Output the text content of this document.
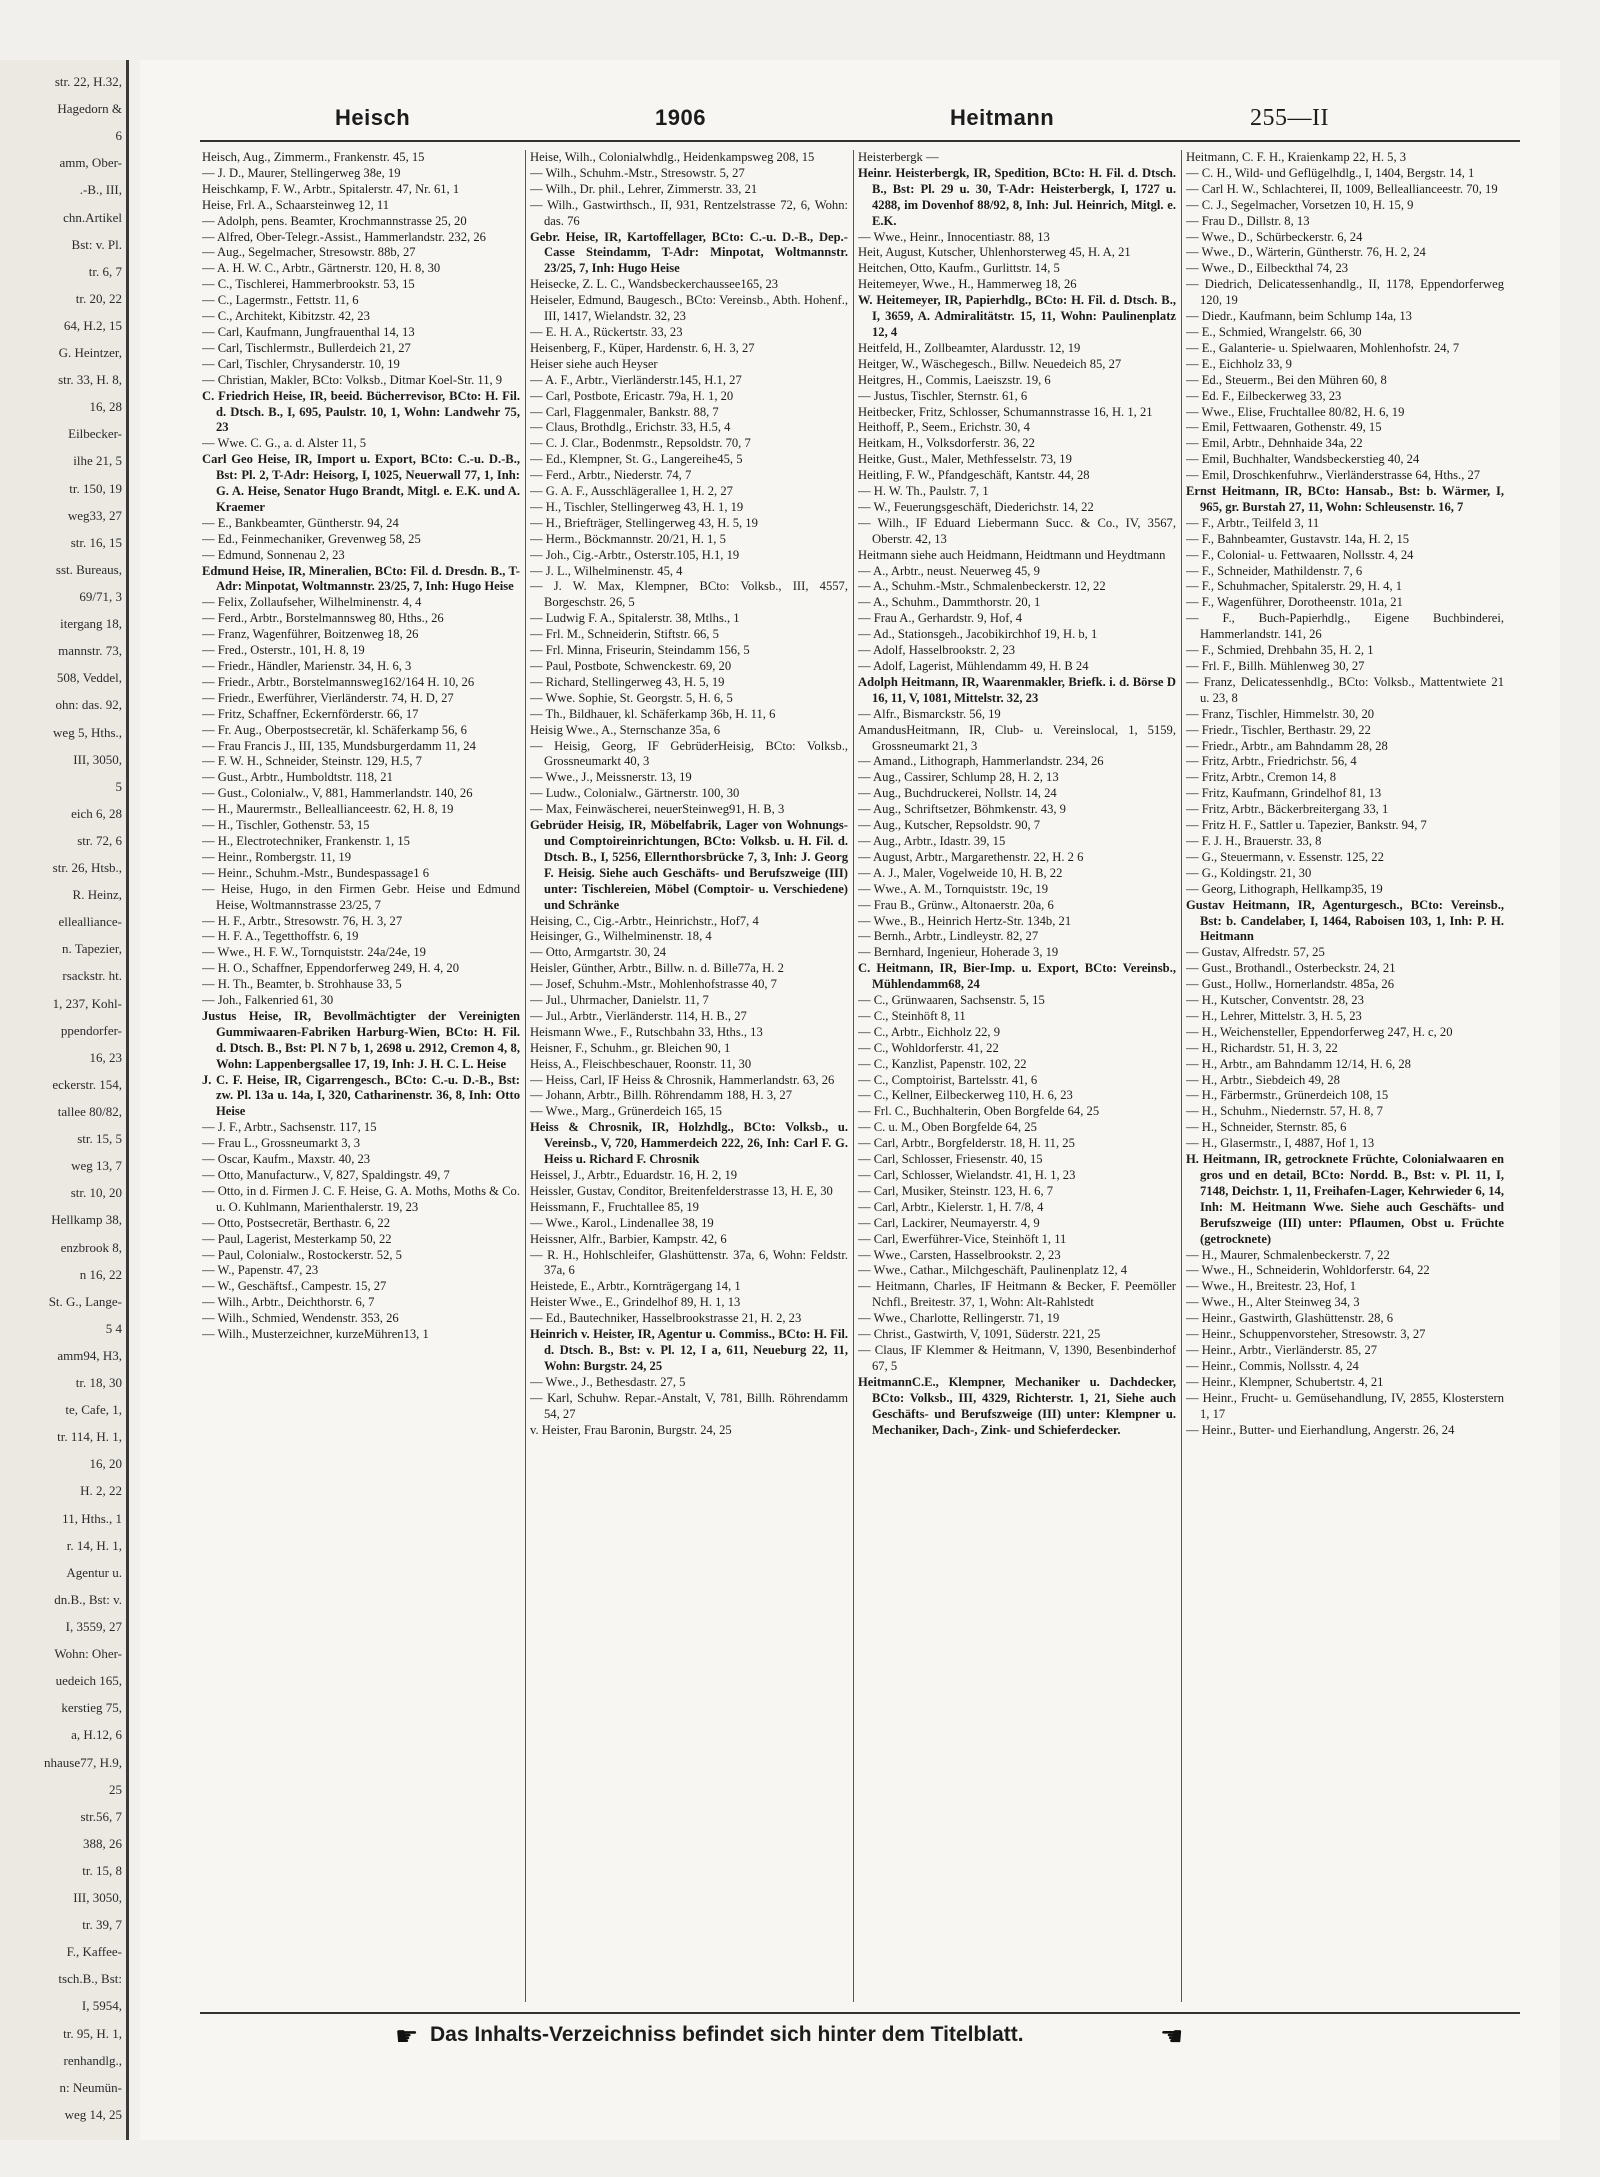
str. 22, H.32,
Hagedorn &
6
amm, Ober-
.-B., III,
chn.Artikel
Bst: v. Pl.
tr. 6, 7
tr. 20, 22
64, H.2, 15
G. Heintzer,
str. 33, H. 8,
16, 28
Eilbecker-
ilhe 21, 5
tr. 150, 19
weg33, 27
str. 16, 15
sst. Bureaus,
69/71, 3
itergang 18,
mannstr. 73,
508, Veddel,
ohn: das. 92,
weg 5, Hths.,
III, 3050,
5
eich 6, 28
str. 72, 6
str. 26, Htsb.,
R. Heinz,
ellealliance-
n. Tapezier,
rsackstr. ht.
1, 237, Kohl-
ppendorfer-
16, 23
eckerstr. 154,
tallee 80/82,
str. 15, 5
weg 13, 7
str. 10, 20
Hellkamp 38,
enzbrook 8,
n 16, 22
St. G., Lange-
5 4
amm94, H3,
tr. 18, 30
te, Cafe, 1,
tr. 114, H. 1,
16, 20
H. 2, 22
11, Hths., 1
r. 14, H. 1,
Agentur u.
dn.B., Bst: v.
I, 3559, 27
Wohn: Oher-
uedeich 165,
kerstieg 75,
a, H.12, 6
nhause77, H.9,
25
str.56, 7
388, 26
tr. 15, 8
III, 3050,
tr. 39, 7
F., Kaffee-
tsch.B., Bst:
I, 5954,
tr. 95, H. 1,
renhandlg.,
n: Neumün-
weg 14, 25
Heisch	1906	Heitmann	255—II

Heisch, Aug., Zimmerm., Frankenstr. 45, 15

— J. D., Maurer, Stellingerweg 38e, 19

Heischkamp, F. W., Arbtr., Spitalerstr. 47, Nr. 61, 1

Heise, Frl. A., Schaarsteinweg 12, 11

— Adolph, pens. Beamter, Krochmannstrasse 25, 20

— Alfred, Ober-Telegr.-Assist., Hammerlandstr. 232, 26

— Aug., Segelmacher, Stresowstr. 88b, 27

— A. H. W. C., Arbtr., Gärtnerstr. 120, H. 8, 30

— C., Tischlerei, Hammerbrookstr. 53, 15

— C., Lagermstr., Fettstr. 11, 6

— C., Architekt, Kibitzstr. 42, 23

— Carl, Kaufmann, Jungfrauenthal 14, 13

— Carl, Tischlermstr., Bullerdeich 21, 27

— Carl, Tischler, Chrysanderstr. 10, 19

— Christian, Makler, BCto: Volksb., Ditmar Koel-Str. 11, 9

C. Friedrich Heise, IR, beeid. Bücherrevisor, BCto: H. Fil. d. Dtsch. B., I, 695, Paulstr. 10, 1, Wohn: Landwehr 75, 23

— Wwe. C. G., a. d. Alster 11, 5

Carl Geo Heise, IR, Import u. Export, BCto: C.-u. D.-B., Bst: Pl. 2, T-Adr: Heisorg, I, 1025, Neuerwall 77, 1, Inh: G. A. Heise, Senator Hugo Brandt, Mitgl. e. E.K. und A. Kraemer

— E., Bankbeamter, Güntherstr. 94, 24

— Ed., Feinmechaniker, Grevenweg 58, 25

— Edmund, Sonnenau 2, 23

Edmund Heise, IR, Mineralien, BCto: Fil. d. Dresdn. B., T-Adr: Minpotat, Woltmannstr. 23/25, 7, Inh: Hugo Heise

— Felix, Zollaufseher, Wilhelminenstr. 4, 4

— Ferd., Arbtr., Borstelmannsweg 80, Hths., 26

— Franz, Wagenführer, Boitzenweg 18, 26

— Fred., Osterstr., 101, H. 8, 19

— Friedr., Händler, Marienstr. 34, H. 6, 3

— Friedr., Arbtr., Borstelmannsweg162/164 H. 10, 26

— Friedr., Ewerführer, Vierländerstr. 74, H. D, 27

— Fritz, Schaffner, Eckernförderstr. 66, 17

— Fr. Aug., Oberpostsecretär, kl. Schäferkamp 56, 6

— Frau Francis J., III, 135, Mundsburgerdamm 11, 24

— F. W. H., Schneider, Steinstr. 129, H.5, 7

— Gust., Arbtr., Humboldtstr. 118, 21

— Gust., Colonialw., V, 881, Hammerlandstr. 140, 26

— H., Maurermstr., Belleallianceestr. 62, H. 8, 19

— H., Tischler, Gothenstr. 53, 15

— H., Electrotechniker, Frankenstr. 1, 15

— Heinr., Rombergstr. 11, 19

— Heinr., Schuhm.-Mstr., Bundespassage1 6

— Heise, Hugo, in den Firmen Gebr. Heise und Edmund Heise, Woltmannstrasse 23/25, 7

— H. F., Arbtr., Stresowstr. 76, H. 3, 27

— H. F. A., Tegetthoffstr. 6, 19

— Wwe., H. F. W., Tornquiststr. 24a/24e, 19

— H. O., Schaffner, Eppendorferweg 249, H. 4, 20

— H. Th., Beamter, b. Strohhause 33, 5

— Joh., Falkenried 61, 30

Justus Heise, IR, Bevollmächtigter der Vereinigten Gummiwaaren-Fabriken Harburg-Wien, BCto: H. Fil. d. Dtsch. B., Bst: Pl. N 7 b, 1, 2698 u. 2912, Cremon 4, 8, Wohn: Lappenbergsallee 17, 19, Inh: J. H. C. L. Heise

J. C. F. Heise, IR, Cigarrengesch., BCto: C.-u. D.-B., Bst: zw. Pl. 13a u. 14a, I, 320, Catharinenstr. 36, 8, Inh: Otto Heise

— J. F., Arbtr., Sachsenstr. 117, 15

— Frau L., Grossneumarkt 3, 3

— Oscar, Kaufm., Maxstr. 40, 23

— Otto, Manufacturw., V, 827, Spaldingstr. 49, 7

— Otto, in d. Firmen J. C. F. Heise, G. A. Moths, Moths & Co. u. O. Kuhlmann, Marienthalerstr. 19, 23

— Otto, Postsecretär, Berthastr. 6, 22

— Paul, Lagerist, Mesterkamp 50, 22

— Paul, Colonialw., Rostockerstr. 52, 5

— W., Papenstr. 47, 23

— W., Geschäftsf., Campestr. 15, 27

— Wilh., Arbtr., Deichthorstr. 6, 7

— Wilh., Schmied, Wendenstr. 353, 26

— Wilh., Musterzeichner, kurzeMühren13, 1

Heise, Wilh., Colonialwhdlg., Heidenkampsweg 208, 15

— Wilh., Schuhm.-Mstr., Stresowstr. 5, 27

— Wilh., Dr. phil., Lehrer, Zimmerstr. 33, 21

— Wilh., Gastwirthsch., II, 931, Rentzelstrasse 72, 6, Wohn: das. 76

Gebr. Heise, IR, Kartoffellager, BCto: C.-u. D.-B., Dep.-Casse Steindamm, T-Adr: Minpotat, Woltmannstr. 23/25, 7, Inh: Hugo Heise

Heisecke, Z. L. C., Wandsbeckerchaussee165, 23

Heiseler, Edmund, Baugesch., BCto: Vereinsb., Abth. Hohenf., III, 1417, Wielandstr. 32, 23

— E. H. A., Rückertstr. 33, 23

Heisenberg, F., Küper, Hardenstr. 6, H. 3, 27

Heiser siehe auch Heyser

— A. F., Arbtr., Vierländerstr.145, H.1, 27

— Carl, Postbote, Ericastr. 79a, H. 1, 20

— Carl, Flaggenmaler, Bankstr. 88, 7

— Claus, Brothdlg., Erichstr. 33, H.5, 4

— C. J. Clar., Bodenmstr., Repsoldstr. 70, 7

— Ed., Klempner, St. G., Langereihe45, 5

— Ferd., Arbtr., Niederstr. 74, 7

— G. A. F., Ausschlägerallee 1, H. 2, 27

— H., Tischler, Stellingerweg 43, H. 1, 19

— H., Briefträger, Stellingerweg 43, H. 5, 19

— Herm., Böckmannstr. 20/21, H. 1, 5

— Joh., Cig.-Arbtr., Osterstr.105, H.1, 19

— J. L., Wilhelminenstr. 45, 4

— J. W. Max, Klempner, BCto: Volksb., III, 4557, Borgeschstr. 26, 5

— Ludwig F. A., Spitalerstr. 38, Mtlhs., 1

— Frl. M., Schneiderin, Stiftstr. 66, 5

— Frl. Minna, Friseurin, Steindamm 156, 5

— Paul, Postbote, Schwenckestr. 69, 20

— Richard, Stellingerweg 43, H. 5, 19

— Wwe. Sophie, St. Georgstr. 5, H. 6, 5

— Th., Bildhauer, kl. Schäferkamp 36b, H. 11, 6

Heisig Wwe., A., Sternschanze 35a, 6

— Heisig, Georg, IF GebrüderHeisig, BCto: Volksb., Grossneumarkt 40, 3

— Wwe., J., Meissnerstr. 13, 19

— Ludw., Colonialw., Gärtnerstr. 100, 30

— Max, Feinwäscherei, neuerSteinweg91, H. B, 3

Gebrüder Heisig, IR, Möbelfabrik, Lager von Wohnungs- und Comptoireinrichtungen, BCto: Volksb. u. H. Fil. d. Dtsch. B., I, 5256, Ellernthorsbrücke 7, 3, Inh: J. Georg F. Heisig. Siehe auch Geschäfts- und Berufszweige (III) unter: Tischlereien, Möbel (Comptoir- u. Verschiedene) und Schränke

Heising, C., Cig.-Arbtr., Heinrichstr., Hof7, 4

Heisinger, G., Wilhelminenstr. 18, 4

— Otto, Armgartstr. 30, 24

Heisler, Günther, Arbtr., Billw. n. d. Bille77a, H. 2

— Josef, Schuhm.-Mstr., Mohlenhofstrasse 40, 7

— Jul., Uhrmacher, Danielstr. 11, 7

— Jul., Arbtr., Vierländerstr. 114, H. B., 27

Heismann Wwe., F., Rutschbahn 33, Hths., 13

Heisner, F., Schuhm., gr. Bleichen 90, 1

Heiss, A., Fleischbeschauer, Roonstr. 11, 30

— Heiss, Carl, IF Heiss & Chrosnik, Hammerlandstr. 63, 26

— Johann, Arbtr., Billh. Röhrendamm 188, H. 3, 27

— Wwe., Marg., Grünerdeich 165, 15

Heiss & Chrosnik, IR, Holzhdlg., BCto: Volksb., u. Vereinsb., V, 720, Hammerdeich 222, 26, Inh: Carl F. G. Heiss u. Richard F. Chrosnik

Heissel, J., Arbtr., Eduardstr. 16, H. 2, 19

Heissler, Gustav, Conditor, Breitenfelderstrasse 13, H. E, 30

Heissmann, F., Fruchtallee 85, 19

— Wwe., Karol., Lindenallee 38, 19

Heissner, Alfr., Barbier, Kampstr. 42, 6

— R. H., Hohlschleifer, Glashüttenstr. 37a, 6, Wohn: Feldstr. 37a, 6

Heistede, E., Arbtr., Kornträgergang 14, 1

Heister Wwe., E., Grindelhof 89, H. 1, 13

— Ed., Bautechniker, Hasselbrookstrasse 21, H. 2, 23

Heinrich v. Heister, IR, Agentur u. Commiss., BCto: H. Fil. d. Dtsch. B., Bst: v. Pl. 12, I a, 611, Neueburg 22, 11, Wohn: Burgstr. 24, 25

— Wwe., J., Bethesdastr. 27, 5

— Karl, Schuhw. Repar.-Anstalt, V, 781, Billh. Röhrendamm 54, 27

v. Heister, Frau Baronin, Burgstr. 24, 25

Heisterbergk —

Heinr. Heisterbergk, IR, Spedition, BCto: H. Fil. d. Dtsch. B., Bst: Pl. 29 u. 30, T-Adr: Heisterbergk, I, 1727 u. 4288, im Dovenhof 88/92, 8, Inh: Jul. Heinrich, Mitgl. e. E.K.

— Wwe., Heinr., Innocentiastr. 88, 13

Heit, August, Kutscher, Uhlenhorsterweg 45, H. A, 21

Heitchen, Otto, Kaufm., Gurlittstr. 14, 5

Heitemeyer, Wwe., H., Hammerweg 18, 26

W. Heitemeyer, IR, Papierhdlg., BCto: H. Fil. d. Dtsch. B., I, 3659, A. Admiralitätstr. 15, 11, Wohn: Paulinenplatz 12, 4

Heitfeld, H., Zollbeamter, Alardusstr. 12, 19

Heitger, W., Wäschegesch., Billw. Neuedeich 85, 27

Heitgres, H., Commis, Laeiszstr. 19, 6

— Justus, Tischler, Sternstr. 61, 6

Heitbecker, Fritz, Schlosser, Schumannstrasse 16, H. 1, 21

Heithoff, P., Seem., Erichstr. 30, 4

Heitkam, H., Volksdorferstr. 36, 22

Heitke, Gust., Maler, Methfesselstr. 73, 19

Heitling, F. W., Pfandgeschäft, Kantstr. 44, 28

— H. W. Th., Paulstr. 7, 1

— W., Feuerungsgeschäft, Diederichstr. 14, 22

— Wilh., IF Eduard Liebermann Succ. & Co., IV, 3567, Oberstr. 42, 13

Heitmann siehe auch Heidmann, Heidtmann und Heydtmann

— A., Arbtr., neust. Neuerweg 45, 9

— A., Schuhm.-Mstr., Schmalenbeckerstr. 12, 22

— A., Schuhm., Dammthorstr. 20, 1

— Frau A., Gerhardstr. 9, Hof, 4

— Ad., Stationsgeh., Jacobikirchhof 19, H. b, 1

— Adolf, Hasselbrookstr. 2, 23

— Adolf, Lagerist, Mühlendamm 49, H. B 24

Adolph Heitmann, IR, Waarenmakler, Briefk. i. d. Börse D 16, 11, V, 1081, Mittelstr. 32, 23

— Alfr., Bismarckstr. 56, 19

AmandusHeitmann, IR, Club- u. Vereinslocal, 1, 5159, Grossneumarkt 21, 3

— Amand., Lithograph, Hammerlandstr. 234, 26

— Aug., Cassirer, Schlump 28, H. 2, 13

— Aug., Buchdruckerei, Nollstr. 14, 24

— Aug., Schriftsetzer, Böhmkenstr. 43, 9

— Aug., Kutscher, Repsoldstr. 90, 7

— Aug., Arbtr., Idastr. 39, 15

— August, Arbtr., Margarethenstr. 22, H. 2 6

— A. J., Maler, Vogelweide 10, H. B, 22

— Wwe., A. M., Tornquiststr. 19c, 19

— Frau B., Grünw., Altonaerstr. 20a, 6

— Wwe., B., Heinrich Hertz-Str. 134b, 21

— Bernh., Arbtr., Lindleystr. 82, 27

— Bernhard, Ingenieur, Hoherade 3, 19

C. Heitmann, IR, Bier-Imp. u. Export, BCto: Vereinsb., Mühlendamm68, 24

— C., Grünwaaren, Sachsenstr. 5, 15

— C., Steinhöft 8, 11

— C., Arbtr., Eichholz 22, 9

— C., Wohldorferstr. 41, 22

— C., Kanzlist, Papenstr. 102, 22

— C., Comptoirist, Bartelsstr. 41, 6

— C., Kellner, Eilbeckerweg 110, H. 6, 23

— Frl. C., Buchhalterin, Oben Borgfelde 64, 25

— C. u. M., Oben Borgfelde 64, 25

— Carl, Arbtr., Borgfelderstr. 18, H. 11, 25

— Carl, Schlosser, Friesenstr. 40, 15

— Carl, Schlosser, Wielandstr. 41, H. 1, 23

— Carl, Musiker, Steinstr. 123, H. 6, 7

— Carl, Arbtr., Kielerstr. 1, H. 7/8, 4

— Carl, Lackirer, Neumayerstr. 4, 9

— Carl, Ewerführer-Vice, Steinhöft 1, 11

— Wwe., Carsten, Hasselbrookstr. 2, 23

— Wwe., Cathar., Milchgeschäft, Paulinenplatz 12, 4

— Heitmann, Charles, IF Heitmann & Becker, F. Peemöller Nchfl., Breitestr. 37, 1, Wohn: Alt-Rahlstedt

— Wwe., Charlotte, Rellingerstr. 71, 19

— Christ., Gastwirth, V, 1091, Süderstr. 221, 25

— Claus, IF Klemmer & Heitmann, V, 1390, Besenbinderhof 67, 5

HeitmannC.E., Klempner, Mechaniker u. Dachdecker, BCto: Volksb., III, 4329, Richterstr. 1, 21, Siehe auch Geschäfts- und Berufszweige (III) unter: Klempner u. Mechaniker, Dach-, Zink- und Schieferdecker.

Heitmann, C. F. H., Kraienkamp 22, H. 5, 3

— C. H., Wild- und Geflügelhdlg., I, 1404, Bergstr. 14, 1

— Carl H. W., Schlachterei, II, 1009, Belleallianceestr. 70, 19

— C. J., Segelmacher, Vorsetzen 10, H. 15, 9

— Frau D., Dillstr. 8, 13

— Wwe., D., Schürbeckerstr. 6, 24

— Wwe., D., Wärterin, Güntherstr. 76, H. 2, 24

— Wwe., D., Eilbeckthal 74, 23

— Diedrich, Delicatessenhandlg., II, 1178, Eppendorferweg 120, 19

— Diedr., Kaufmann, beim Schlump 14a, 13

— E., Schmied, Wrangelstr. 66, 30

— E., Galanterie- u. Spielwaaren, Mohlenhofstr. 24, 7

— E., Eichholz 33, 9

— Ed., Steuerm., Bei den Mühren 60, 8

— Ed. F., Eilbeckerweg 33, 23

— Wwe., Elise, Fruchtallee 80/82, H. 6, 19

— Emil, Fettwaaren, Gothenstr. 49, 15

— Emil, Arbtr., Dehnhaide 34a, 22

— Emil, Buchhalter, Wandsbeckerstieg 40, 24

— Emil, Droschkenfuhrw., Vierländerstrasse 64, Hths., 27

Ernst Heitmann, IR, BCto: Hansab., Bst: b. Wärmer, I, 965, gr. Burstah 27, 11, Wohn: Schleusenstr. 16, 7

— F., Arbtr., Teilfeld 3, 11

— F., Bahnbeamter, Gustavstr. 14a, H. 2, 15

— F., Colonial- u. Fettwaaren, Nollsstr. 4, 24

— F., Schneider, Mathildenstr. 7, 6

— F., Schuhmacher, Spitalerstr. 29, H. 4, 1

— F., Wagenführer, Dorotheenstr. 101a, 21

— F., Buch-Papierhdlg., Eigene Buchbinderei, Hammerlandstr. 141, 26

— F., Schmied, Drehbahn 35, H. 2, 1

— Frl. F., Billh. Mühlenweg 30, 27

— Franz, Delicatessenhdlg., BCto: Volksb., Mattentwiete 21 u. 23, 8

— Franz, Tischler, Himmelstr. 30, 20

— Friedr., Tischler, Berthastr. 29, 22

— Friedr., Arbtr., am Bahndamm 28, 28

— Fritz, Arbtr., Friedrichstr. 56, 4

— Fritz, Arbtr., Cremon 14, 8

— Fritz, Kaufmann, Grindelhof 81, 13

— Fritz, Arbtr., Bäckerbreitergang 33, 1

— Fritz H. F., Sattler u. Tapezier, Bankstr. 94, 7

— F. J. H., Brauerstr. 33, 8

— G., Steuermann, v. Essenstr. 125, 22

— G., Koldingstr. 21, 30

— Georg, Lithograph, Hellkamp35, 19

Gustav Heitmann, IR, Agenturgesch., BCto: Vereinsb., Bst: b. Candelaber, I, 1464, Raboisen 103, 1, Inh: P. H. Heitmann

— Gustav, Alfredstr. 57, 25

— Gust., Brothandl., Osterbeckstr. 24, 21

— Gust., Hollw., Hornerlandstr. 485a, 26

— H., Kutscher, Conventstr. 28, 23

— H., Lehrer, Mittelstr. 3, H. 5, 23

— H., Weichensteller, Eppendorferweg 247, H. c, 20

— H., Richardstr. 51, H. 3, 22

— H., Arbtr., am Bahndamm 12/14, H. 6, 28

— H., Arbtr., Siebdeich 49, 28

— H., Färbermstr., Grünerdeich 108, 15

— H., Schuhm., Niedernstr. 57, H. 8, 7

— H., Schneider, Sternstr. 85, 6

— H., Glasermstr., I, 4887, Hof 1, 13

H. Heitmann, IR, getrocknete Früchte, Colonialwaaren en gros und en detail, BCto: Nordd. B., Bst: v. Pl. 11, I, 7148, Deichstr. 1, 11, Freihafen-Lager, Kehrwieder 6, 14, Inh: M. Heitmann Wwe. Siehe auch Geschäfts- und Berufszweige (III) unter: Pflaumen, Obst u. Früchte (getrocknete)

— H., Maurer, Schmalenbeckerstr. 7, 22

— Wwe., H., Schneiderin, Wohldorferstr. 64, 22

— Wwe., H., Breitestr. 23, Hof, 1

— Wwe., H., Alter Steinweg 34, 3

— Heinr., Gastwirth, Glashüttenstr. 28, 6

— Heinr., Schuppenvorsteher, Stresowstr. 3, 27

— Heinr., Arbtr., Vierländerstr. 85, 27

— Heinr., Commis, Nollsstr. 4, 24

— Heinr., Klempner, Schubertstr. 4, 21

— Heinr., Frucht- u. Gemüsehandlung, IV, 2855, Klosterstern 1, 17

— Heinr., Butter- und Eierhandlung, Angerstr. 26, 24

☛ Das Inhalts-Verzeichniss befindet sich hinter dem Titelblatt.	☚
